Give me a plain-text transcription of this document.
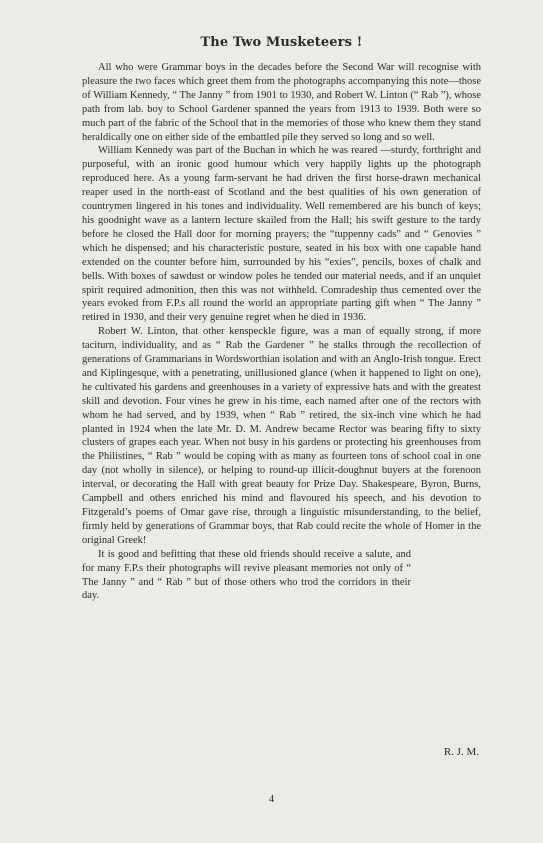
The Two Musketeers !

All who were Grammar boys in the decades before the Second War will recognise with pleasure the two faces which greet them from the photographs accompanying this note—those of William Kennedy, “ The Janny ” from 1901 to 1930, and Robert W. Linton (“ Rab ”), whose path from lab. boy to School Gardener spanned the years from 1913 to 1939. Both were so much part of the fabric of the School that in the memories of those who knew them they stand heraldically one on either side of the embattled pile they served so long and so well.

William Kennedy was part of the Buchan in which he was reared —sturdy, forthright and purposeful, with an ironic good humour which very happily lights up the photograph reproduced here. As a young farm-servant he had driven the first horse-drawn mechanical reaper used in the north-east of Scotland and the best qualities of his own generation of countrymen lingered in his tones and individuality. Well remembered are his bunch of keys; his goodnight wave as a lantern lecture skailed from the Hall; his swift gesture to the tardy before he closed the Hall door for morning prayers; the “tuppenny cads” and “ Genovies ” which he dispensed; and his characteristic posture, seated in his box with one capable hand extended on the counter before him, surrounded by his “exies”, pencils, boxes of chalk and bells. With boxes of sawdust or window poles he tended our material needs, and if an unquiet spirit required admonition, then this was not withheld. Comradeship thus cemented over the years evoked from F.P.s all round the world an appropriate parting gift when “ The Janny ” retired in 1930, and their very genuine regret when he died in 1936.

Robert W. Linton, that other kenspeckle figure, was a man of equally strong, if more taciturn, individuality, and as “ Rab the Gardener ” he stalks through the recollection of generations of Grammarians in Wordsworthian isolation and with an Anglo-Irish tongue. Erect and Kiplingesque, with a penetrating, unillusioned glance (when it happened to light on one), he cultivated his gardens and greenhouses in a variety of expressive hats and with the greatest skill and devotion. Four vines he grew in his time, each named after one of the rectors with whom he had served, and by 1939, when “ Rab ” retired, the six-inch vine which he had planted in 1924 when the late Mr. D. M. Andrew became Rector was bearing fifty to sixty clusters of grapes each year. When not busy in his gardens or protecting his greenhouses from the Philistines, “ Rab ” would be coping with as many as fourteen tons of school coal in one day (not wholly in silence), or helping to round-up illicit-doughnut buyers at the forenoon interval, or decorating the Hall with great beauty for Prize Day. Shakespeare, Byron, Burns, Campbell and others enriched his mind and flavoured his speech, and his devotion to Fitzgerald’s poems of Omar gave rise, through a linguistic misunderstanding, to the belief, firmly held by generations of Grammar boys, that Rab could recite the whole of Homer in the original Greek!

It is good and befitting that these old friends should receive a salute, and for many F.P.s their photographs will revive pleasant memories not only of “ The Janny ” and “ Rab ” but of those others who trod the corridors in their day.

R. J. M.
4
